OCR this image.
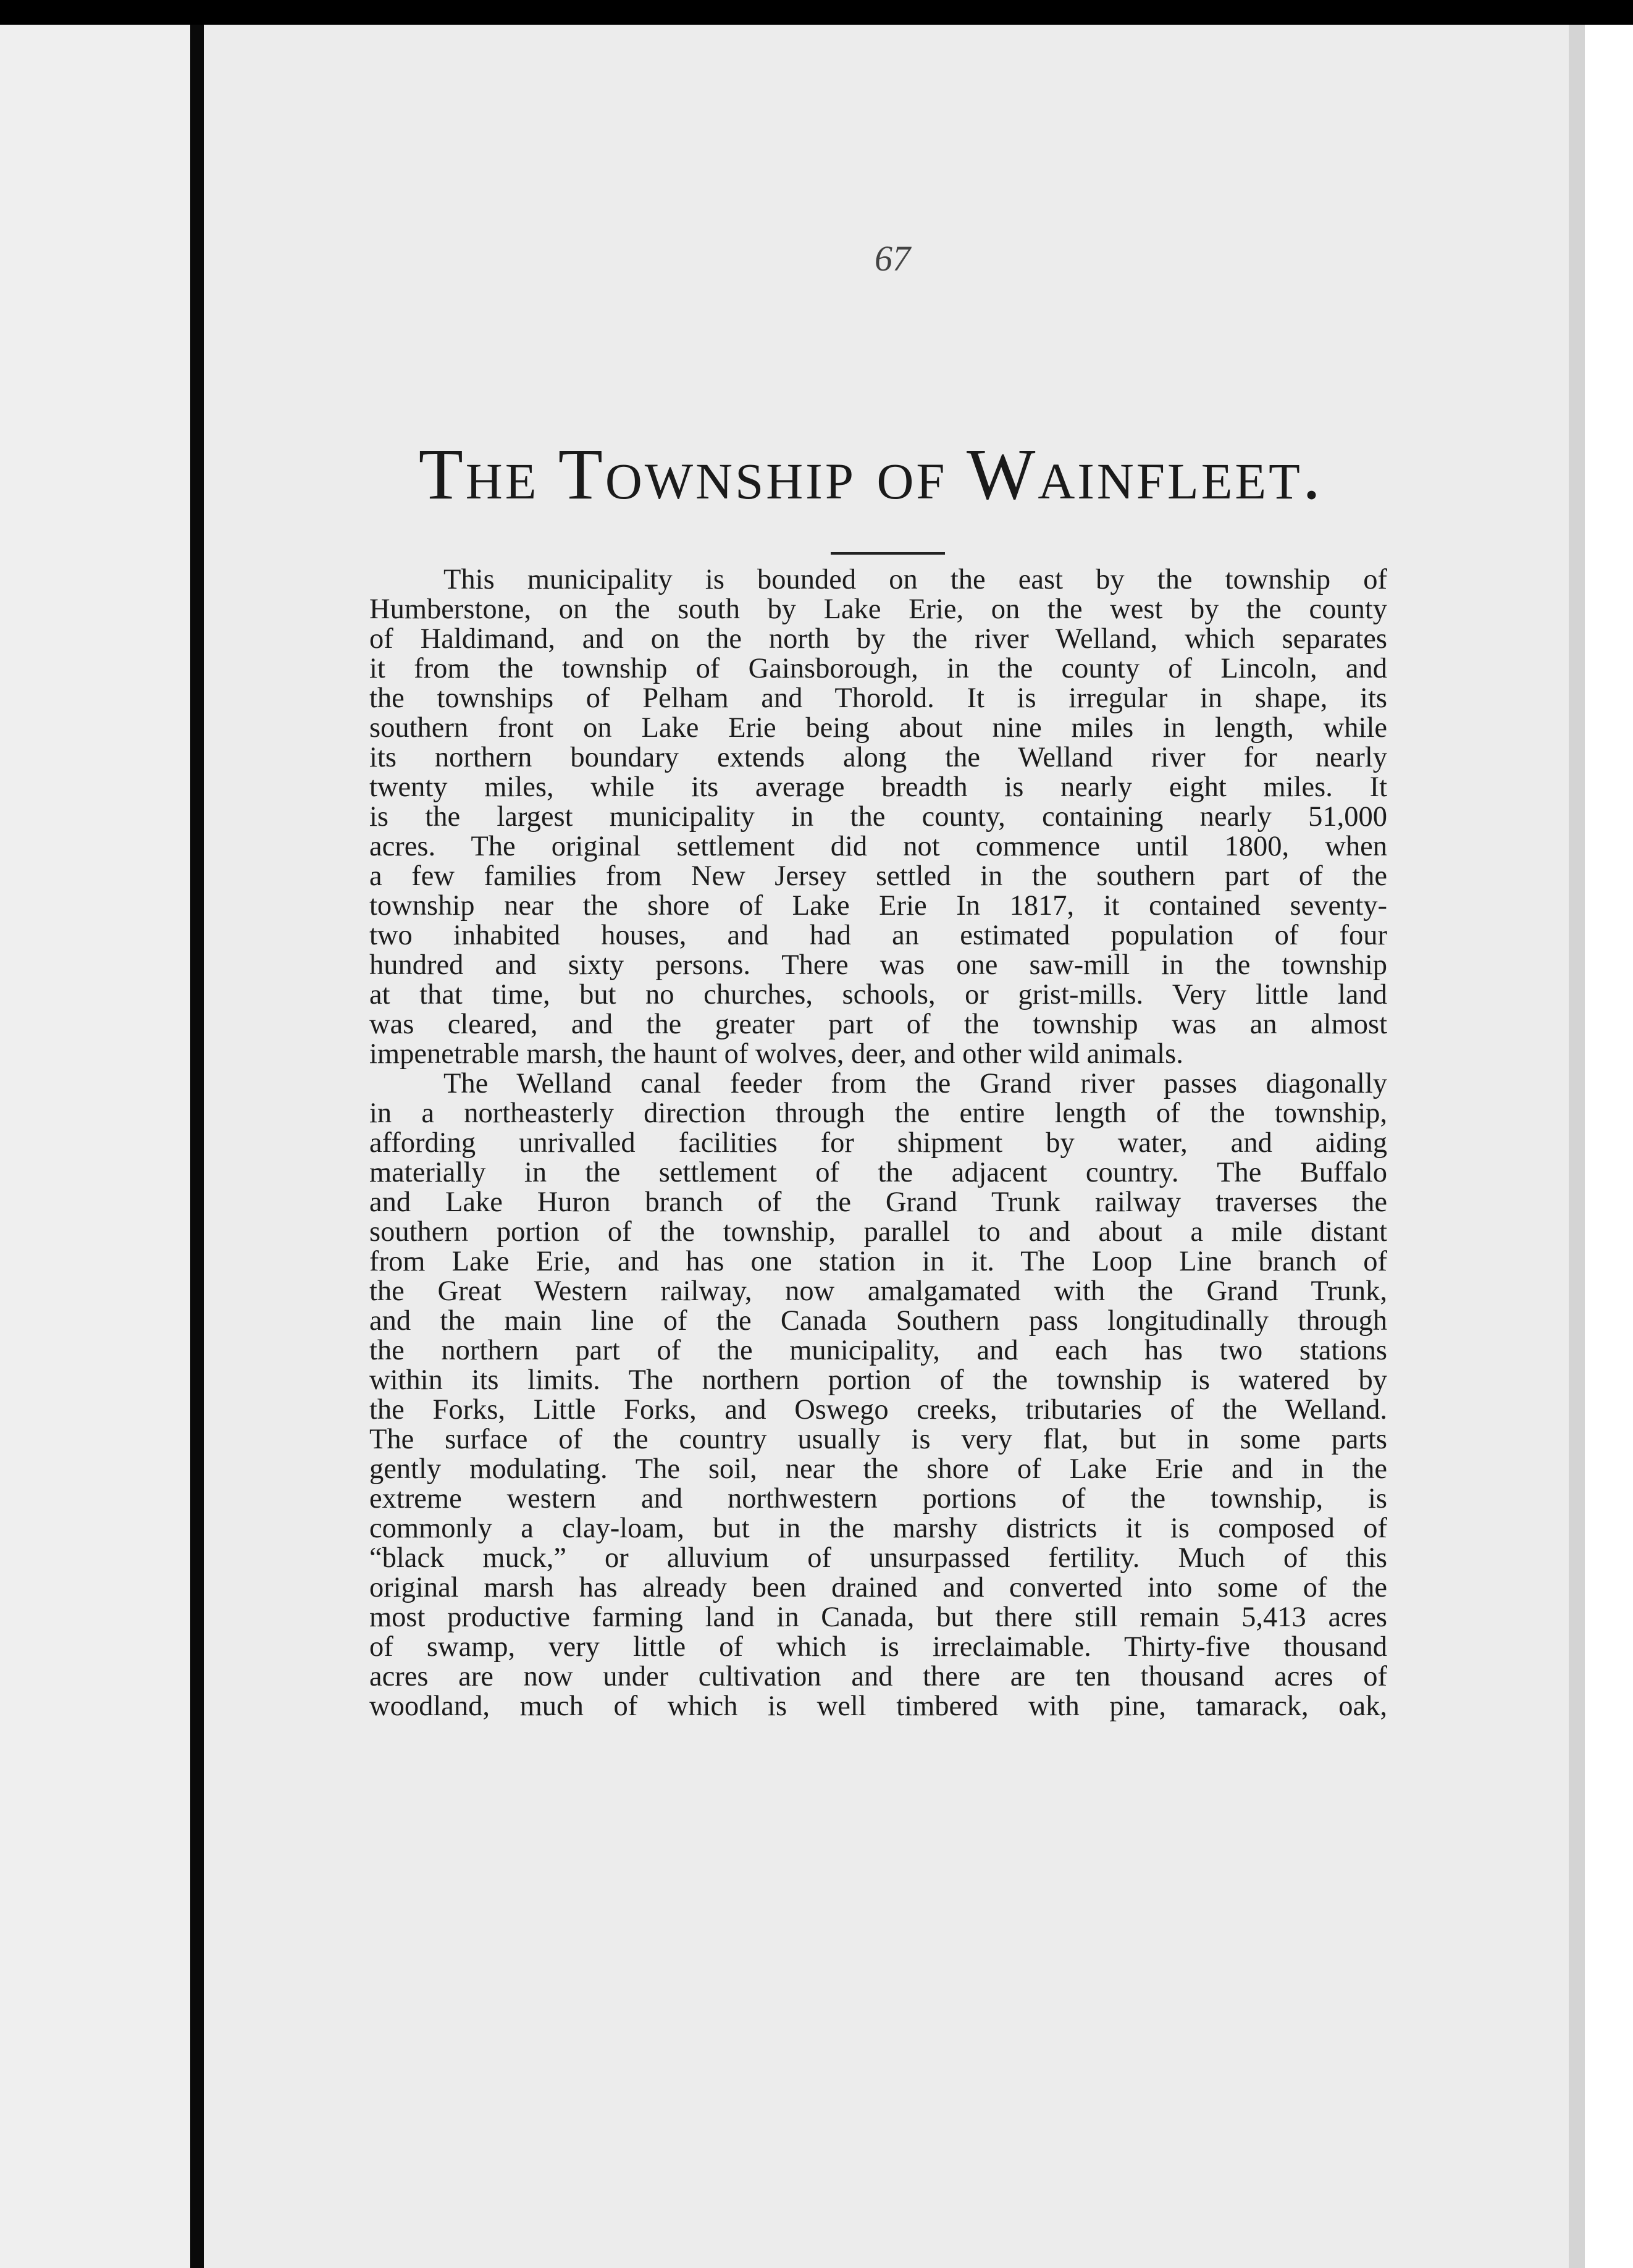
67
The Township of Wainfleet.
This municipality is bounded on the east by the township of
Humberstone, on the south by Lake Erie, on the west by the county
of Haldimand, and on the north by the river Welland, which separates
it from the township of Gainsborough, in the county of Lincoln, and
the townships of Pelham and Thorold. It is irregular in shape, its
southern front on Lake Erie being about nine miles in length, while
its northern boundary extends along the Welland river for nearly
twenty miles, while its average breadth is nearly eight miles. It
is the largest municipality in the county, containing nearly 51,000
acres. The original settlement did not commence until 1800, when
a few families from New Jersey settled in the southern part of the
township near the shore of Lake Erie In 1817, it contained seventy-
two inhabited houses, and had an estimated population of four
hundred and sixty persons. There was one saw-mill in the township
at that time, but no churches, schools, or grist-mills. Very little land
was cleared, and the greater part of the township was an almost
impenetrable marsh, the haunt of wolves, deer, and other wild animals.
The Welland canal feeder from the Grand river passes diagonally
in a northeasterly direction through the entire length of the township,
affording unrivalled facilities for shipment by water, and aiding
materially in the settlement of the adjacent country. The Buffalo
and Lake Huron branch of the Grand Trunk railway traverses the
southern portion of the township, parallel to and about a mile distant
from Lake Erie, and has one station in it. The Loop Line branch of
the Great Western railway, now amalgamated with the Grand Trunk,
and the main line of the Canada Southern pass longitudinally through
the northern part of the municipality, and each has two stations
within its limits. The northern portion of the township is watered by
the Forks, Little Forks, and Oswego creeks, tributaries of the Welland.
The surface of the country usually is very flat, but in some parts
gently modulating. The soil, near the shore of Lake Erie and in the
extreme western and northwestern portions of the township, is
commonly a clay-loam, but in the marshy districts it is composed of
“black muck,” or alluvium of unsurpassed fertility. Much of this
original marsh has already been drained and converted into some of the
most productive farming land in Canada, but there still remain 5,413 acres
of swamp, very little of which is irreclaimable. Thirty-five thousand
acres are now under cultivation and there are ten thousand acres of
woodland, much of which is well timbered with pine, tamarack, oak,
